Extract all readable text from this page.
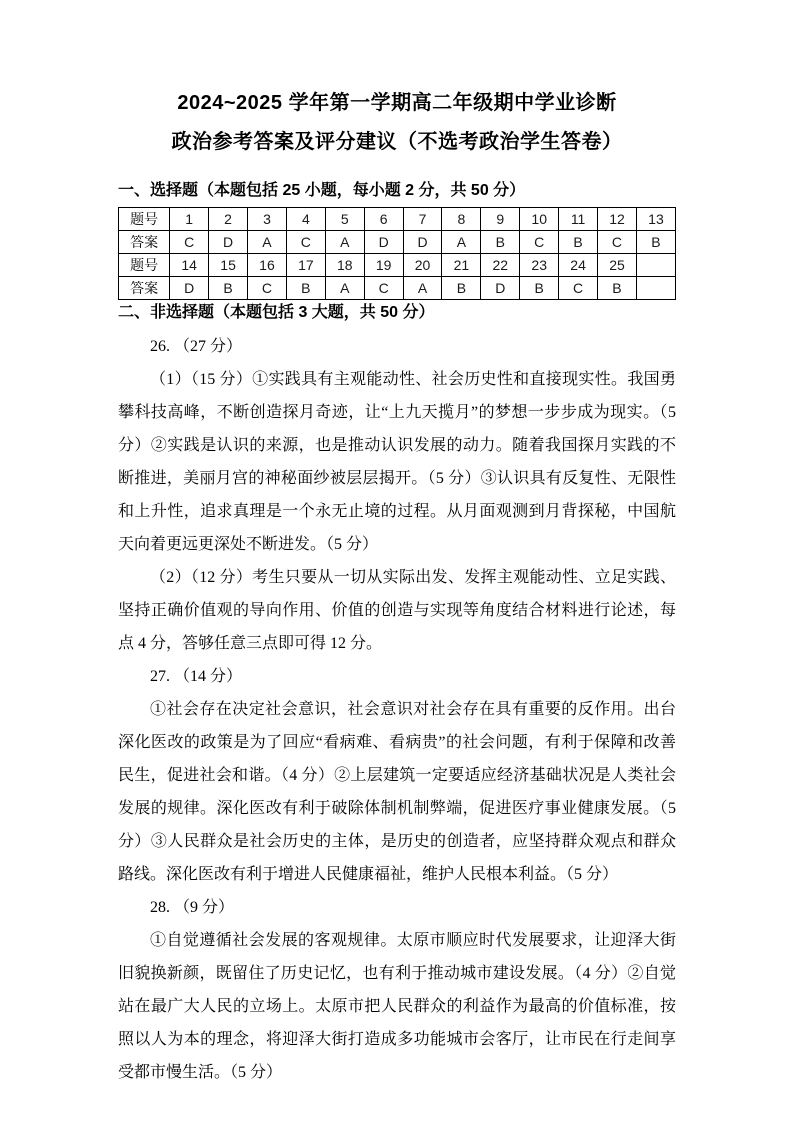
2024~2025 学年第一学期高二年级期中学业诊断
政治参考答案及评分建议（不选考政治学生答卷）
一、选择题（本题包括 25 小题，每小题 2 分，共 50 分）
题号	1	2	3	4	5	6	7	8	9	10	11	12	13
答案	C	D	A	C	A	D	D	A	B	C	B	C	B
题号	14	15	16	17	18	19	20	21	22	23	24	25	
答案	D	B	C	B	A	C	A	B	D	B	C	B	
二、非选择题（本题包括 3 大题，共 50 分）

26. （27 分）

（1）（15 分）①实践具有主观能动性、社会历史性和直接现实性。我国勇攀科技高峰，不断创造探月奇迹，让“上九天揽月”的梦想一步步成为现实。（5 分）②实践是认识的来源，也是推动认识发展的动力。随着我国探月实践的不断推进，美丽月宫的神秘面纱被层层揭开。（5 分）③认识具有反复性、无限性和上升性，追求真理是一个永无止境的过程。从月面观测到月背探秘，中国航天向着更远更深处不断进发。（5 分）

（2）（12 分）考生只要从一切从实际出发、发挥主观能动性、立足实践、坚持正确价值观的导向作用、价值的创造与实现等角度结合材料进行论述，每点 4 分，答够任意三点即可得 12 分。

27. （14 分）

①社会存在决定社会意识，社会意识对社会存在具有重要的反作用。出台深化医改的政策是为了回应“看病难、看病贵”的社会问题，有利于保障和改善民生，促进社会和谐。（4 分）②上层建筑一定要适应经济基础状况是人类社会发展的规律。深化医改有利于破除体制机制弊端，促进医疗事业健康发展。（5 分）③人民群众是社会历史的主体，是历史的创造者，应坚持群众观点和群众路线。深化医改有利于增进人民健康福祉，维护人民根本利益。（5 分）

28. （9 分）

①自觉遵循社会发展的客观规律。太原市顺应时代发展要求，让迎泽大街旧貌换新颜，既留住了历史记忆，也有利于推动城市建设发展。（4 分）②自觉站在最广大人民的立场上。太原市把人民群众的利益作为最高的价值标准，按照以人为本的理念，将迎泽大街打造成多功能城市会客厅，让市民在行走间享受都市慢生活。（5 分）
